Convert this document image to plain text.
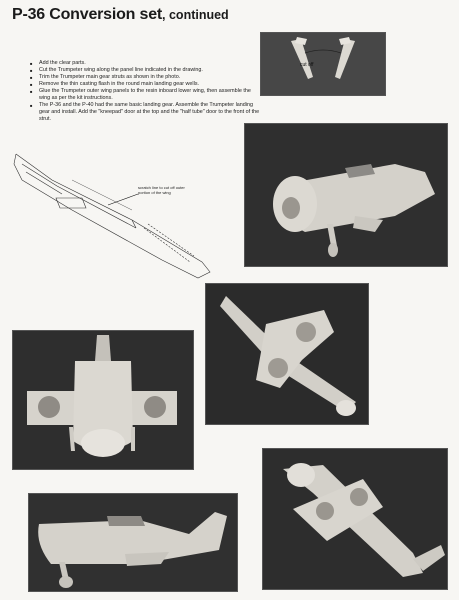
P-36 Conversion set, continued
■ Add the clear parts.
■ Cut the Trumpeter wing along the panel line indicated in the drawing.
■ Trim the Trumpeter main gear struts as shown in the photo.
■ Remove the thin casting flash in the round main landing gear wells.
■ Glue the Trumpeter outer wing panels to the resin inboard lower wing, then assemble the wing as per the kit instructions.
■ The P-36 and the P-40 had the same basic landing gear. Assemble the Trumpeter landing gear and install. Add the "kneepad" door at the top and the "half tube" door to the front of the strut.
cut off
scratch line to cut off outer portion of the wing
